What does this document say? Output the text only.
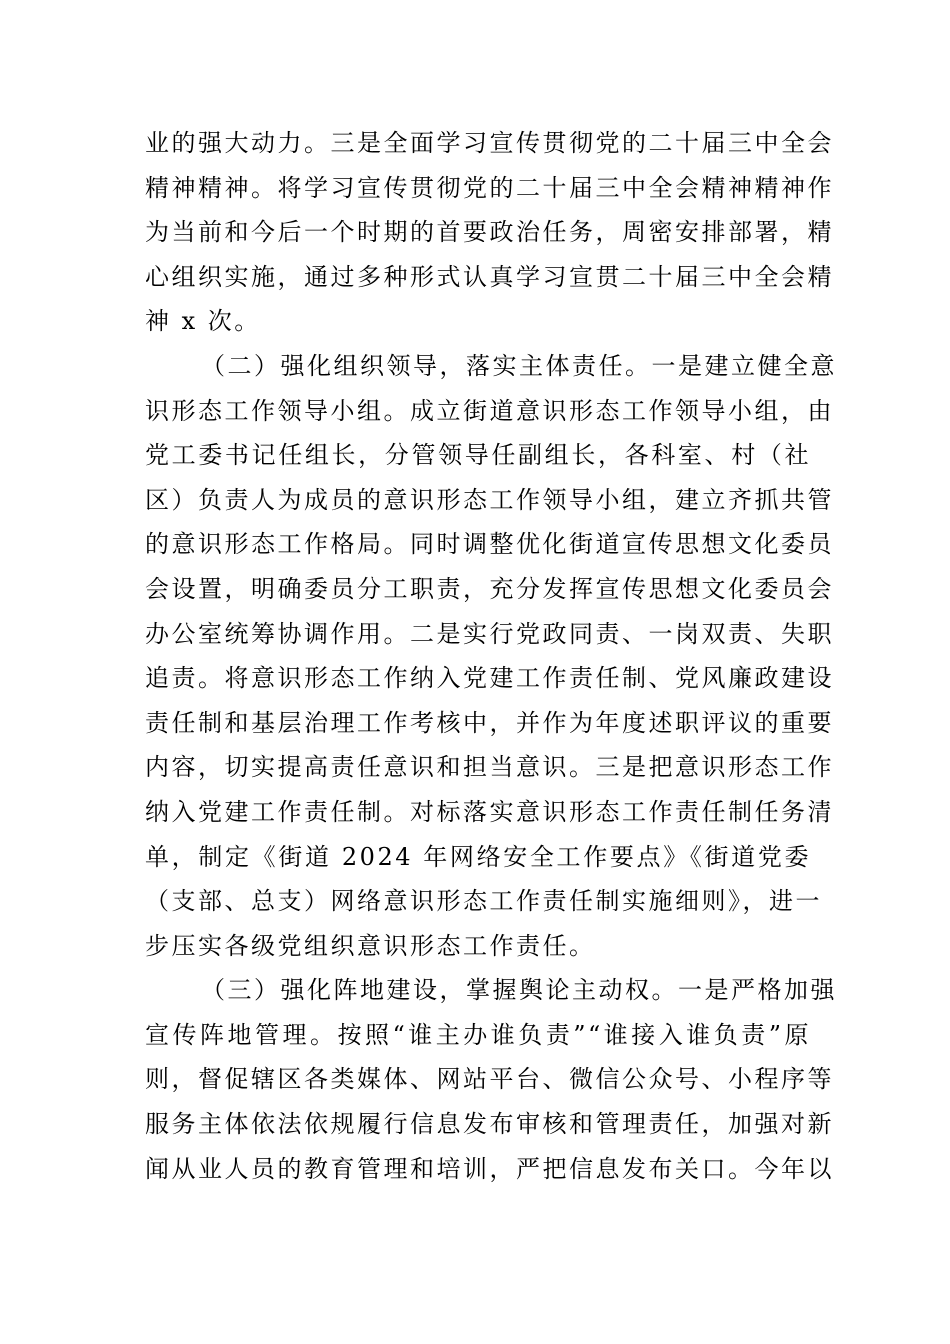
业的强大动力。三是全面学习宣传贯彻党的二十届三中全会
精神精神。将学习宣传贯彻党的二十届三中全会精神精神作
为当前和今后一个时期的首要政治任务，周密安排部署，精
心组织实施，通过多种形式认真学习宣贯二十届三中全会精
神 x 次。
（二）强化组织领导，落实主体责任。一是建立健全意
识形态工作领导小组。成立街道意识形态工作领导小组，由
党工委书记任组长，分管领导任副组长，各科室、村（社
区）负责人为成员的意识形态工作领导小组，建立齐抓共管
的意识形态工作格局。同时调整优化街道宣传思想文化委员
会设置，明确委员分工职责，充分发挥宣传思想文化委员会
办公室统筹协调作用。二是实行党政同责、一岗双责、失职
追责。将意识形态工作纳入党建工作责任制、党风廉政建设
责任制和基层治理工作考核中，并作为年度述职评议的重要
内容，切实提高责任意识和担当意识。三是把意识形态工作
纳入党建工作责任制。对标落实意识形态工作责任制任务清
单，制定《街道 2024 年网络安全工作要点》《街道党委
（支部、总支）网络意识形态工作责任制实施细则》，进一
步压实各级党组织意识形态工作责任。
（三）强化阵地建设，掌握舆论主动权。一是严格加强
宣传阵地管理。按照“谁主办谁负责”“谁接入谁负责”原
则，督促辖区各类媒体、网站平台、微信公众号、小程序等
服务主体依法依规履行信息发布审核和管理责任，加强对新
闻从业人员的教育管理和培训，严把信息发布关口。今年以
